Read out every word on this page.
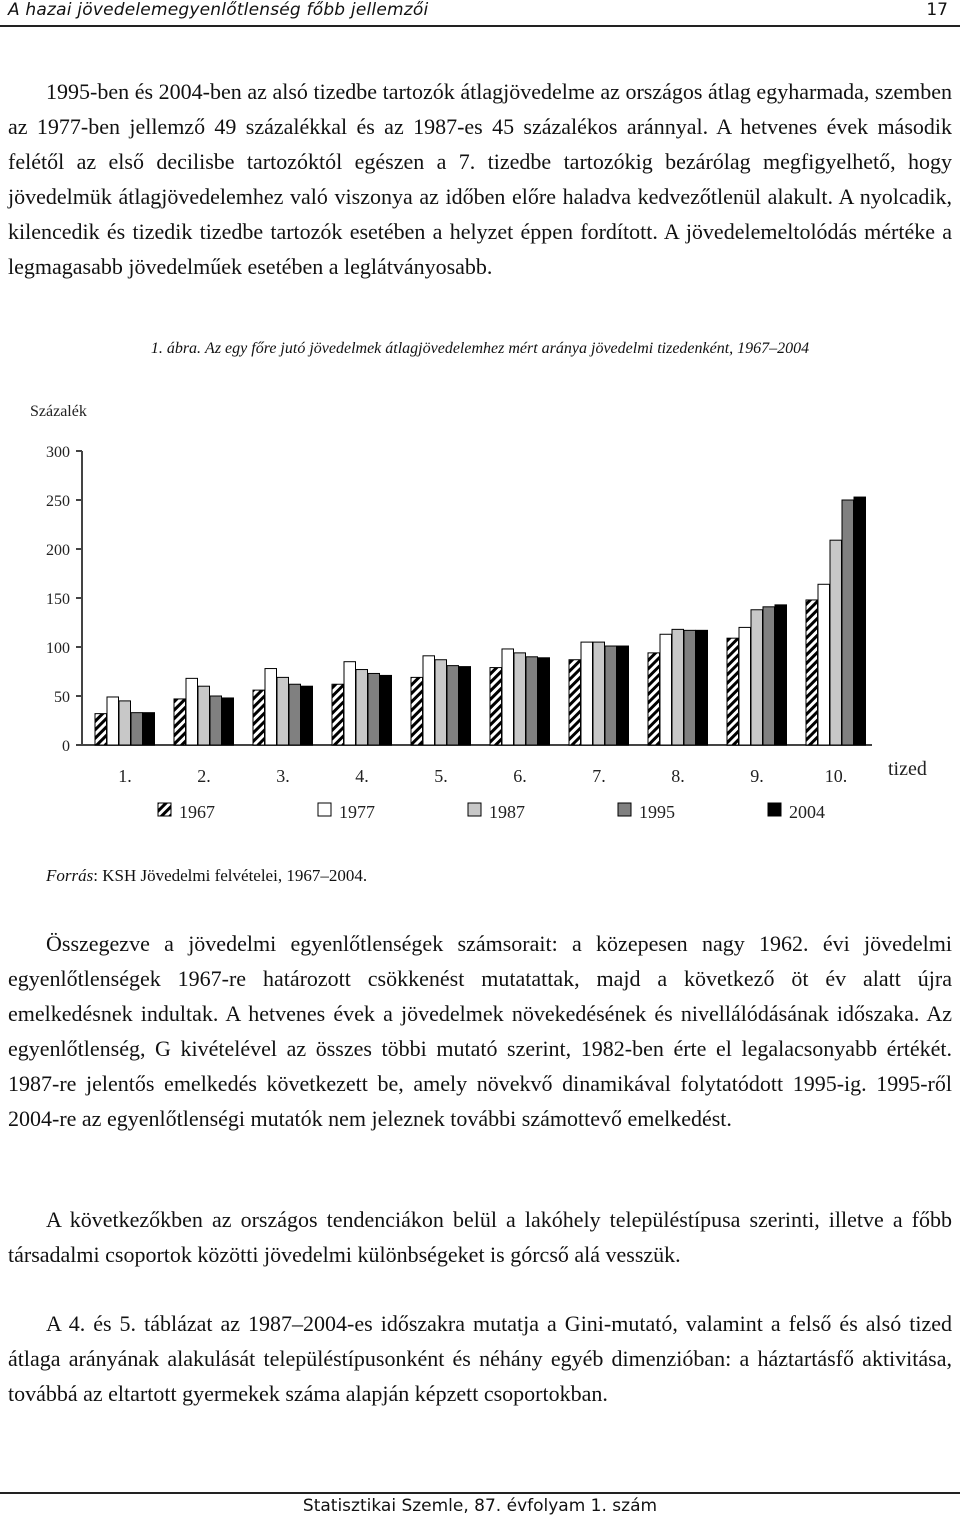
A hazai jövedelemegyenlőtlenség főbb jellemzői	17

1995-ben és 2004-ben az alsó tizedbe tartozók átlagjövedelme az országos átlag egyharmada, szemben az 1977-ben jellemző 49 százalékkal és az 1987-es 45 százalékos aránnyal. A hetvenes évek második felétől az első decilisbe tartozóktól egészen a 7. tizedbe tartozókig bezárólag megfigyelhető, hogy jövedelmük átlagjövedelemhez való viszonya az időben előre haladva kedvezőtlenül alakult. A nyolcadik, kilencedik és tizedik tizedbe tartozók esetében a helyzet éppen fordított. A jövedelemeltolódás mértéke a legmagasabb jövedelműek esetében a leglátványosabb.

1. ábra. Az egy főre jutó jövedelmek átlagjövedelemhez mért aránya jövedelmi tizedenként, 1967–2004
Százalék
0
50
100
150
200
250
300
1.	2.	3.	4.	5.	6.	7.	8.	9.	10. tized
1967	1977	1987	1995	2004
Forrás: KSH Jövedelmi felvételei, 1967–2004.

Összegezve a jövedelmi egyenlőtlenségek számsorait: a közepesen nagy 1962. évi jövedelmi egyenlőtlenségek 1967-re határozott csökkenést mutatattak, majd a következő öt év alatt újra emelkedésnek indultak. A hetvenes évek a jövedelmek növekedésének és nivellálódásának időszaka. Az egyenlőtlenség, G kivételével az összes többi mutató szerint, 1982-ben érte el legalacsonyabb értékét. 1987-re jelentős emelkedés következett be, amely növekvő dinamikával folytatódott 1995-ig. 1995-ről 2004-re az egyenlőtlenségi mutatók nem jeleznek további számottevő emelkedést.

A következőkben az országos tendenciákon belül a lakóhely településtípusa szerinti, illetve a főbb társadalmi csoportok közötti jövedelmi különbségeket is górcső alá vesszük.

A 4. és 5. táblázat az 1987–2004-es időszakra mutatja a Gini-mutató, valamint a felső és alsó tized átlaga arányának alakulását településtípusonként és néhány egyéb dimenzióban: a háztartásfő aktivitása, továbbá az eltartott gyermekek száma alapján képzett csoportokban.

Statisztikai Szemle, 87. évfolyam 1. szám
